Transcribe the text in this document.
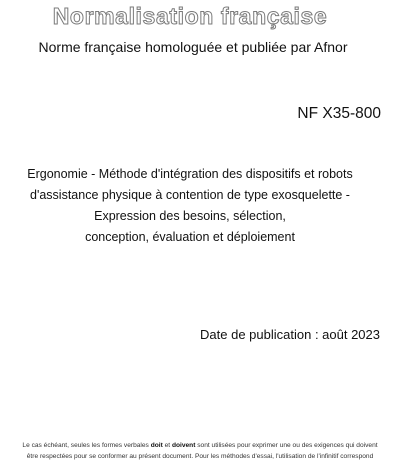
Normalisation française
Norme française homologuée et publiée par Afnor
NF X35-800
Ergonomie - Méthode d'intégration des dispositifs et robots
d'assistance physique à contention de type exosquelette -
Expression des besoins, sélection,
conception, évaluation et déploiement
Date de publication : août 2023
Le cas échéant, seules les formes verbales doit et doivent sont utilisées pour exprimer une ou des exigences qui doivent
être respectées pour se conformer au présent document. Pour les méthodes d'essai, l'utilisation de l'infinitif correspond
